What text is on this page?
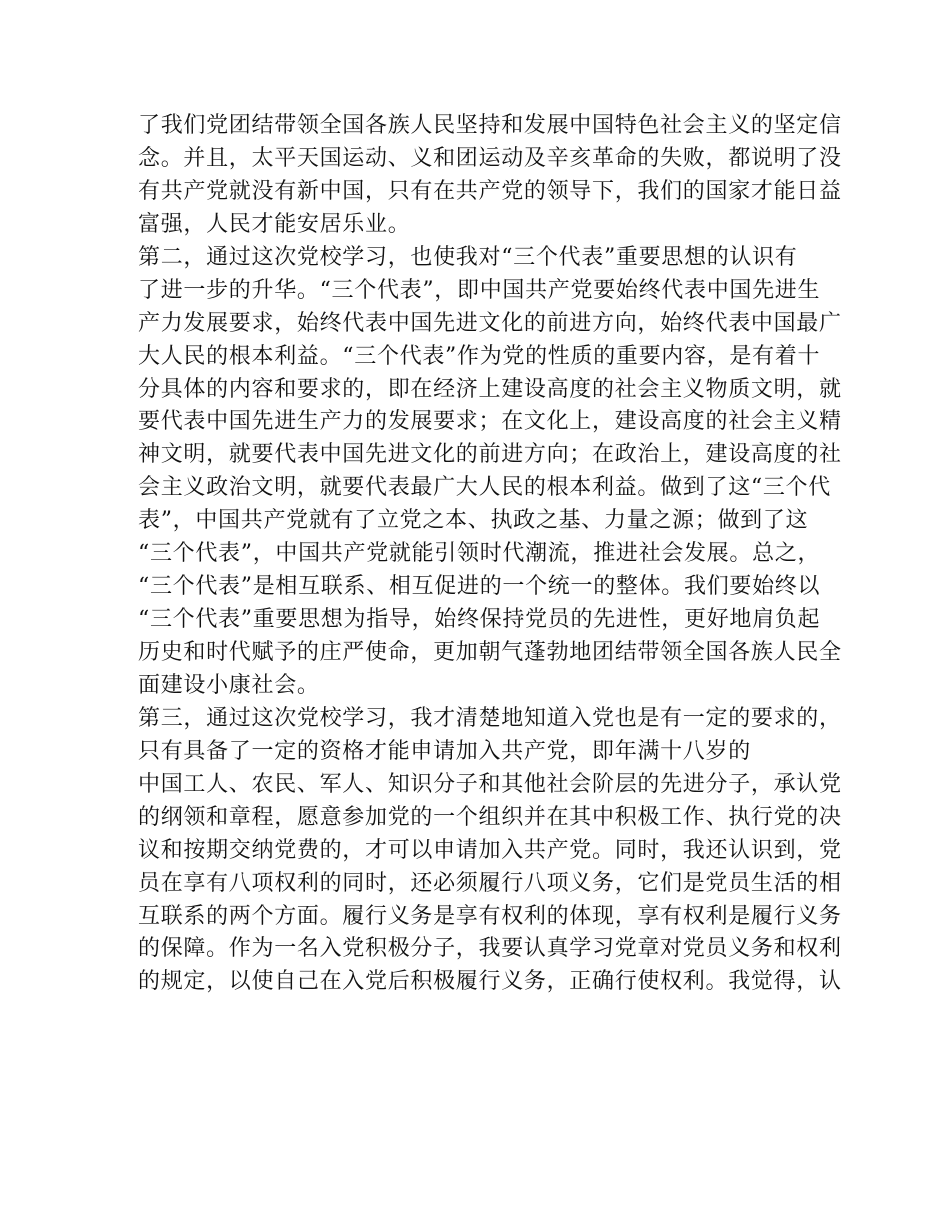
了我们党团结带领全国各族人民坚持和发展中国特色社会主义的坚定信
念。并且，太平天国运动、义和团运动及辛亥革命的失败，都说明了没
有共产党就没有新中国，只有在共产党的领导下，我们的国家才能日益
富强，人民才能安居乐业。
第二，通过这次党校学习，也使我对“三个代表”重要思想的认识有
了进一步的升华。“三个代表”，即中国共产党要始终代表中国先进生
产力发展要求，始终代表中国先进文化的前进方向，始终代表中国最广
大人民的根本利益。“三个代表”作为党的性质的重要内容，是有着十
分具体的内容和要求的，即在经济上建设高度的社会主义物质文明，就
要代表中国先进生产力的发展要求；在文化上，建设高度的社会主义精
神文明，就要代表中国先进文化的前进方向；在政治上，建设高度的社
会主义政治文明，就要代表最广大人民的根本利益。做到了这“三个代
表”，中国共产党就有了立党之本、执政之基、力量之源；做到了这
“三个代表”，中国共产党就能引领时代潮流，推进社会发展。总之，
“三个代表”是相互联系、相互促进的一个统一的整体。我们要始终以
“三个代表”重要思想为指导，始终保持党员的先进性，更好地肩负起
历史和时代赋予的庄严使命，更加朝气蓬勃地团结带领全国各族人民全
面建设小康社会。
第三，通过这次党校学习，我才清楚地知道入党也是有一定的要求的，
只有具备了一定的资格才能申请加入共产党，即年满十八岁的
中国工人、农民、军人、知识分子和其他社会阶层的先进分子，承认党
的纲领和章程，愿意参加党的一个组织并在其中积极工作、执行党的决
议和按期交纳党费的，才可以申请加入共产党。同时，我还认识到，党
员在享有八项权利的同时，还必须履行八项义务，它们是党员生活的相
互联系的两个方面。履行义务是享有权利的体现，享有权利是履行义务
的保障。作为一名入党积极分子，我要认真学习党章对党员义务和权利
的规定，以使自己在入党后积极履行义务，正确行使权利。我觉得，认
